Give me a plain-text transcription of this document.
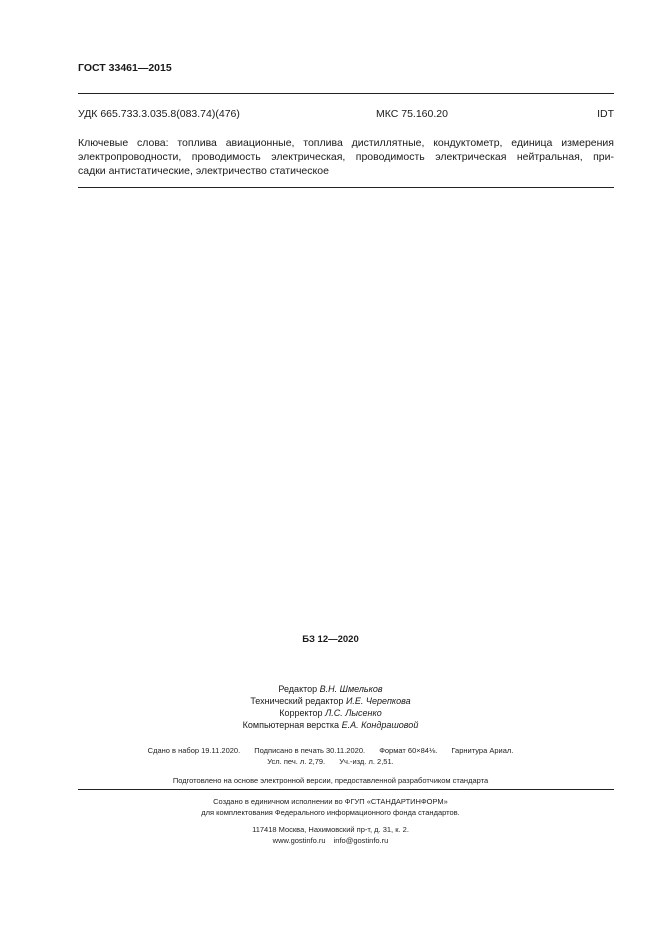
ГОСТ 33461—2015
УДК 665.733.3.035.8(083.74)(476)	МКС 75.160.20	IDT
Ключевые слова: топлива авиационные, топлива дистиллятные, кондуктометр, единица измерения
электропроводности, проводимость электрическая, проводимость электрическая нейтральная, при-
садки антистатические, электричество статическое
БЗ 12—2020
Редактор В.Н. Шмельков
Технический редактор И.Е. Черепкова
Корректор Л.С. Лысенко
Компьютерная верстка Е.А. Кондрашовой
Сдано в набор 19.11.2020. Подписано в печать 30.11.2020. Формат 60×84⅛. Гарнитура Ариал.
Усл. печ. л. 2,79. Уч.-изд. л. 2,51.
Подготовлено на основе электронной версии, предоставленной разработчиком стандарта
Создано в единичном исполнении во ФГУП «СТАНДАРТИНФОРМ»
для комплектования Федерального информационного фонда стандартов.
117418 Москва, Нахимовский пр-т, д. 31, к. 2.
www.gostinfo.ru info@gostinfo.ru
